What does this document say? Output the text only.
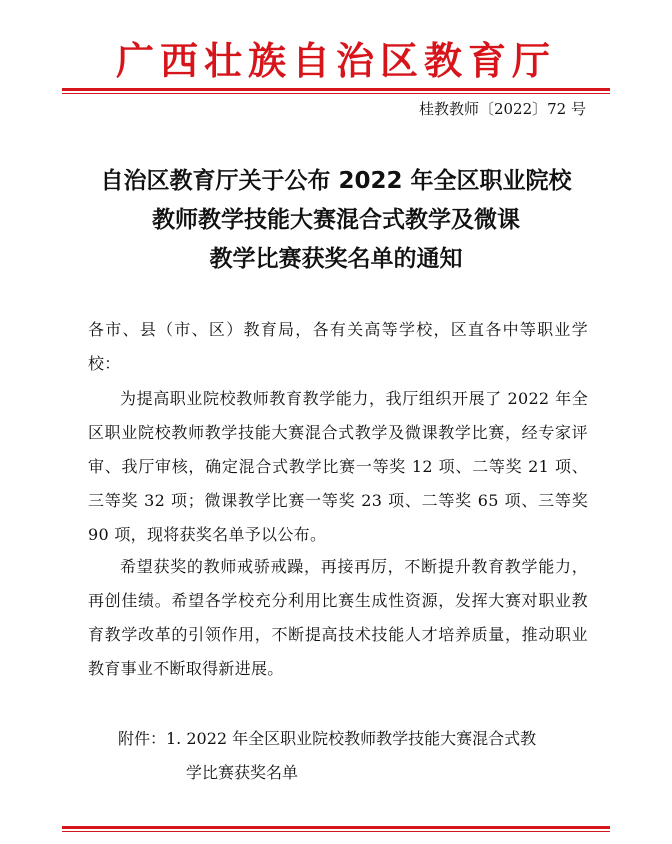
广西壮族自治区教育厅
桂教教师〔2022〕72 号
自治区教育厅关于公布 2022 年全区职业院校
教师教学技能大赛混合式教学及微课
教学比赛获奖名单的通知
各市、县（市、区）教育局，各有关高等学校，区直各中等职业学校：
为提高职业院校教师教育教学能力，我厅组织开展了 2022 年全区职业院校教师教学技能大赛混合式教学及微课教学比赛，经专家评审、我厅审核，确定混合式教学比赛一等奖 12 项、二等奖 21 项、三等奖 32 项；微课教学比赛一等奖 23 项、二等奖 65 项、三等奖 90 项，现将获奖名单予以公布。
希望获奖的教师戒骄戒躁，再接再厉，不断提升教育教学能力，再创佳绩。希望各学校充分利用比赛生成性资源，发挥大赛对职业教育教学改革的引领作用，不断提高技术技能人才培养质量，推动职业教育事业不断取得新进展。
附件：1. 2022 年全区职业院校教师教学技能大赛混合式教
学比赛获奖名单
